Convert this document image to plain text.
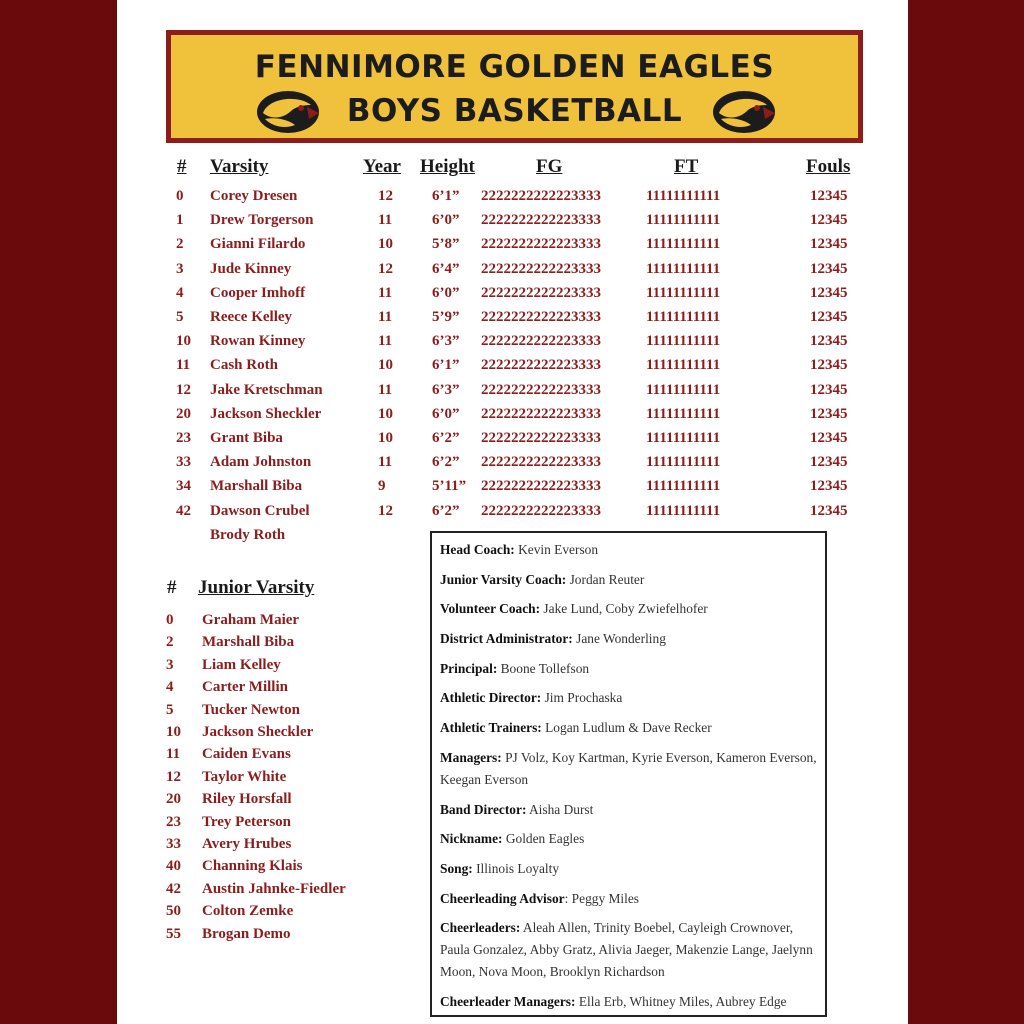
FENNIMORE GOLDEN EAGLES
BOYS BASKETBALL
# Varsity	Year Height	FG	FT	Fouls
0 Corey Dresen	12	6’1” 2222222222223333	11111111111	12345
1 Drew Torgerson	11	6’0” 2222222222223333	11111111111	12345
2 Gianni Filardo	10	5’8” 2222222222223333	11111111111	12345
3 Jude Kinney	12	6’4” 2222222222223333	11111111111	12345
4 Cooper Imhoff	11	6’0” 2222222222223333	11111111111	12345
5 Reece Kelley	11	5’9” 2222222222223333	11111111111	12345
10 Rowan Kinney	11	6’3” 2222222222223333	11111111111	12345
11 Cash Roth	10	6’1” 2222222222223333	11111111111	12345
12 Jake Kretschman	11	6’3” 2222222222223333	11111111111	12345
20 Jackson Sheckler	10	6’0” 2222222222223333	11111111111	12345
23 Grant Biba	10	6’2” 2222222222223333	11111111111	12345
33 Adam Johnston	11	6’2” 2222222222223333	11111111111	12345
34 Marshall Biba	9	5’11” 2222222222223333	11111111111	12345
42 Dawson Crubel	12	6’2” 2222222222223333	11111111111	12345
Brody Roth
# Junior Varsity
0 Graham Maier
2 Marshall Biba
3 Liam Kelley
4 Carter Millin
5 Tucker Newton
10 Jackson Sheckler
11 Caiden Evans
12 Taylor White
20 Riley Horsfall
23 Trey Peterson
33 Avery Hrubes
40 Channing Klais
42 Austin Jahnke-Fiedler
50 Colton Zemke
55 Brogan Demo
Head Coach: Kevin Everson
Junior Varsity Coach: Jordan Reuter
Volunteer Coach: Jake Lund, Coby Zwiefelhofer
District Administrator: Jane Wonderling
Principal: Boone Tollefson
Athletic Director: Jim Prochaska
Athletic Trainers: Logan Ludlum & Dave Recker
Managers: PJ Volz, Koy Kartman, Kyrie Everson, Kameron Everson, Keegan Everson
Band Director: Aisha Durst
Nickname: Golden Eagles
Song: Illinois Loyalty
Cheerleading Advisor: Peggy Miles
Cheerleaders: Aleah Allen, Trinity Boebel, Cayleigh Crownover, Paula Gonzalez, Abby Gratz, Alivia Jaeger, Makenzie Lange, Jaelynn Moon, Nova Moon, Brooklyn Richardson
Cheerleader Managers: Ella Erb, Whitney Miles, Aubrey Edge
